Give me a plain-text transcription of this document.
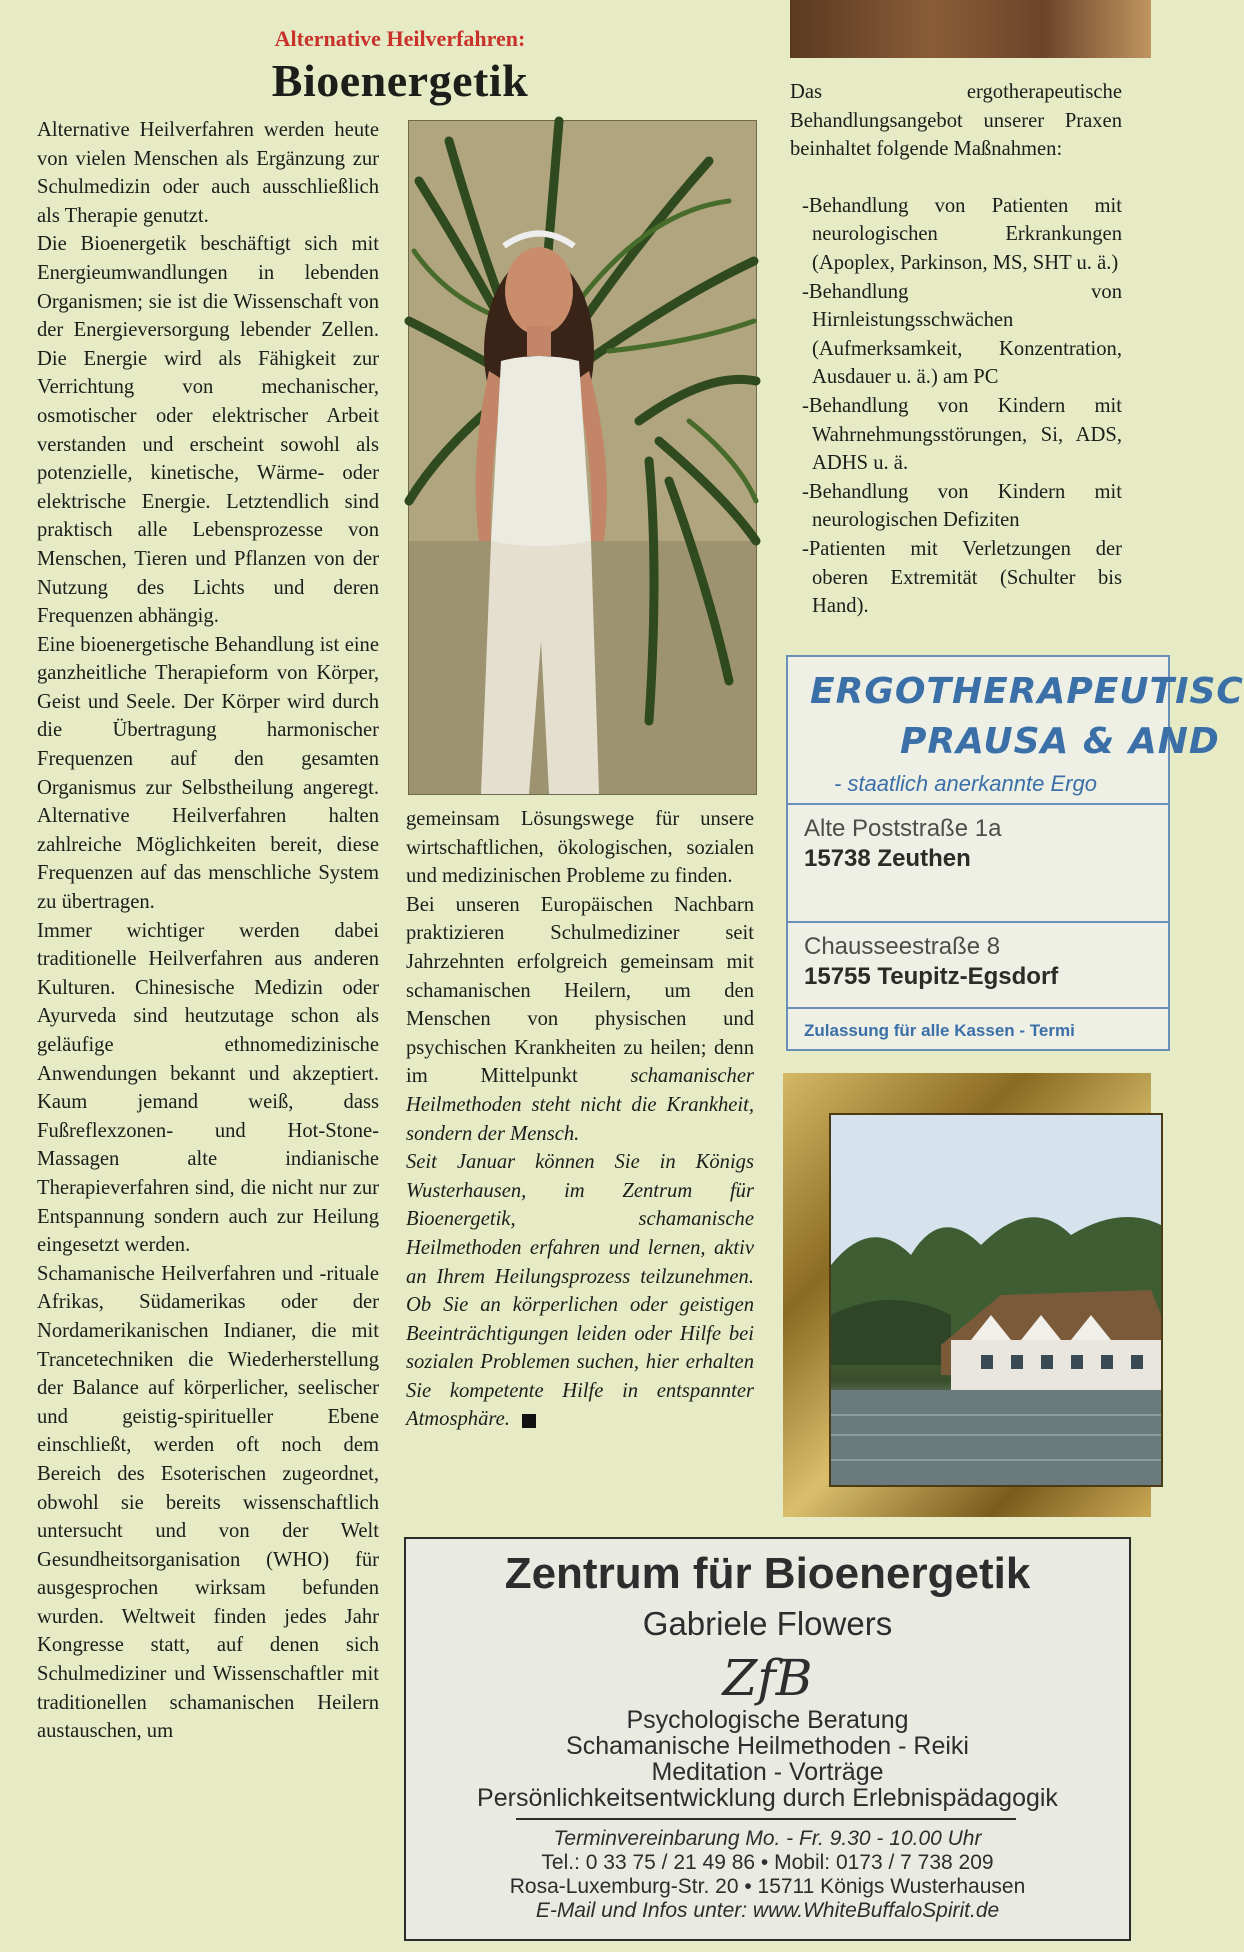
Alternative Heilverfahren:
Bioenergetik

Alternative Heilverfahren werden heute von vielen Menschen als Ergänzung zur Schulmedizin oder auch ausschließlich als Therapie genutzt.

Die Bioenergetik beschäftigt sich mit Energieumwandlungen in lebenden Organismen; sie ist die Wissenschaft von der Energieversorgung lebender Zellen. Die Energie wird als Fähigkeit zur Verrichtung von mechanischer, osmotischer oder elektrischer Arbeit verstanden und erscheint sowohl als potenzielle, kinetische, Wärme- oder elektrische Energie. Letztendlich sind praktisch alle Lebensprozesse von Menschen, Tieren und Pflanzen von der Nutzung des Lichts und deren Frequenzen abhängig.

Eine bioenergetische Behandlung ist eine ganzheitliche Therapieform von Körper, Geist und Seele. Der Körper wird durch die Übertragung harmonischer Frequenzen auf den gesamten Organismus zur Selbstheilung angeregt. Alternative Heilverfahren halten zahlreiche Möglichkeiten bereit, diese Frequenzen auf das menschliche System zu übertragen.

Immer wichtiger werden dabei traditionelle Heilverfahren aus anderen Kulturen. Chinesische Medizin oder Ayurveda sind heutzutage schon als geläufige ethnomedizinische Anwendungen bekannt und akzeptiert. Kaum jemand weiß, dass Fußreflexzonen- und Hot-Stone-Massagen alte indianische Therapieverfahren sind, die nicht nur zur Entspannung sondern auch zur Heilung eingesetzt werden.

Schamanische Heilverfahren und -rituale Afrikas, Südamerikas oder der Nordamerikanischen Indianer, die mit Trancetechniken die Wiederherstellung der Balance auf körperlicher, seelischer und geistig-spiritueller Ebene einschließt, werden oft noch dem Bereich des Esoterischen zugeordnet, obwohl sie bereits wissenschaftlich untersucht und von der Welt Gesundheitsorganisation (WHO) für ausgesprochen wirksam befunden wurden. Weltweit finden jedes Jahr Kongresse statt, auf denen sich Schulmediziner und Wissenschaftler mit traditionellen schamanischen Heilern austauschen, um

gemeinsam Lösungswege für unsere wirtschaftlichen, ökologischen, sozialen und medizinischen Probleme zu finden.

Bei unseren Europäischen Nachbarn praktizieren Schulmediziner seit Jahrzehnten erfolgreich gemeinsam mit schamanischen Heilern, um den Menschen von physischen und psychischen Krankheiten zu heilen; denn im Mittelpunkt	schamanischer Heilmethoden steht nicht die Krankheit, sondern der Mensch.

Seit Januar können Sie in Königs Wusterhausen, im Zentrum für Bioenergetik, schamanische Heilmethoden erfahren und lernen, aktiv an Ihrem Heilungsprozess teilzunehmen. Ob Sie an körperlichen oder geistigen Beeinträchtigungen leiden oder Hilfe bei sozialen Problemen suchen, hier erhalten Sie kompetente Hilfe in entspannter Atmosphäre.

Das ergotherapeutische Behandlungsangebot unserer Praxen beinhaltet folgende Maßnahmen:

-Behandlung von Patienten mit neurologischen Erkrankungen (Apoplex, Parkinson, MS, SHT u. ä.)

-Behandlung von Hirnleistungsschwächen (Aufmerksamkeit, Konzentration, Ausdauer u. ä.) am PC

-Behandlung von Kindern mit Wahrnehmungsstörungen, Si, ADS, ADHS u. ä.

-Behandlung von Kindern mit neurologischen Defiziten

-Patienten mit Verletzungen der oberen Extremität (Schulter bis Hand).

ERGOTHERAPEUTISC
PRAUSA & AND
- staatlich anerkannte Ergo
Alte Poststraße 1a
15738 Zeuthen
Chausseestraße 8
15755 Teupitz-Egsdorf
Zulassung für alle Kassen - Termi
Zentrum für Bioenergetik
Gabriele Flowers
ZfB
Psychologische Beratung
Schamanische Heilmethoden - Reiki
Meditation - Vorträge
Persönlichkeitsentwicklung durch Erlebnispädagogik
Terminvereinbarung Mo. - Fr. 9.30 - 10.00 Uhr
Tel.: 0 33 75 / 21 49 86 • Mobil: 0173 / 7 738 209
Rosa-Luxemburg-Str. 20 • 15711 Königs Wusterhausen
E-Mail und Infos unter: www.WhiteBuffaloSpirit.de
